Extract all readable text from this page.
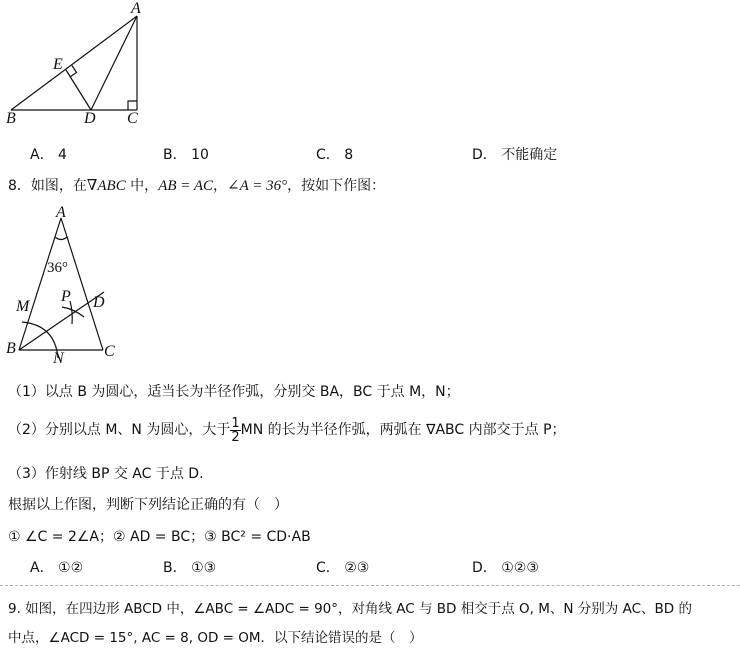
A
E
B	D C
A． 4	B． 10	C． 8	D． 不能确定
8．如图，在∇ABC 中，AB = AC，∠A = 36°，按如下作图：
A
36°
P D
M
B
N	C
（1）以点 B 为圆心，适当长为半径作弧，分别交 BA，BC 于点 M，N；
（2）分别以点 M、N 为圆心，大于 $\frac{1}{2}$ MN 的长为半径作弧，两弧在 ∇ABC 内部交于点 P；
（3）作射线 BP 交 AC 于点 D.
根据以上作图，判断下列结论正确的有（　）
① ∠C = 2∠A；② AD = BC；③ BC² = CD⋅AB
A． ①②	B． ①③	C． ②③	D． ①②③
9. 如图，在四边形 ABCD 中，∠ABC = ∠ADC = 90°，对角线 AC 与 BD 相交于点 O, M、N 分别为 AC、BD 的
中点，∠ACD = 15°, AC = 8, OD = OM．以下结论错误的是（　）
